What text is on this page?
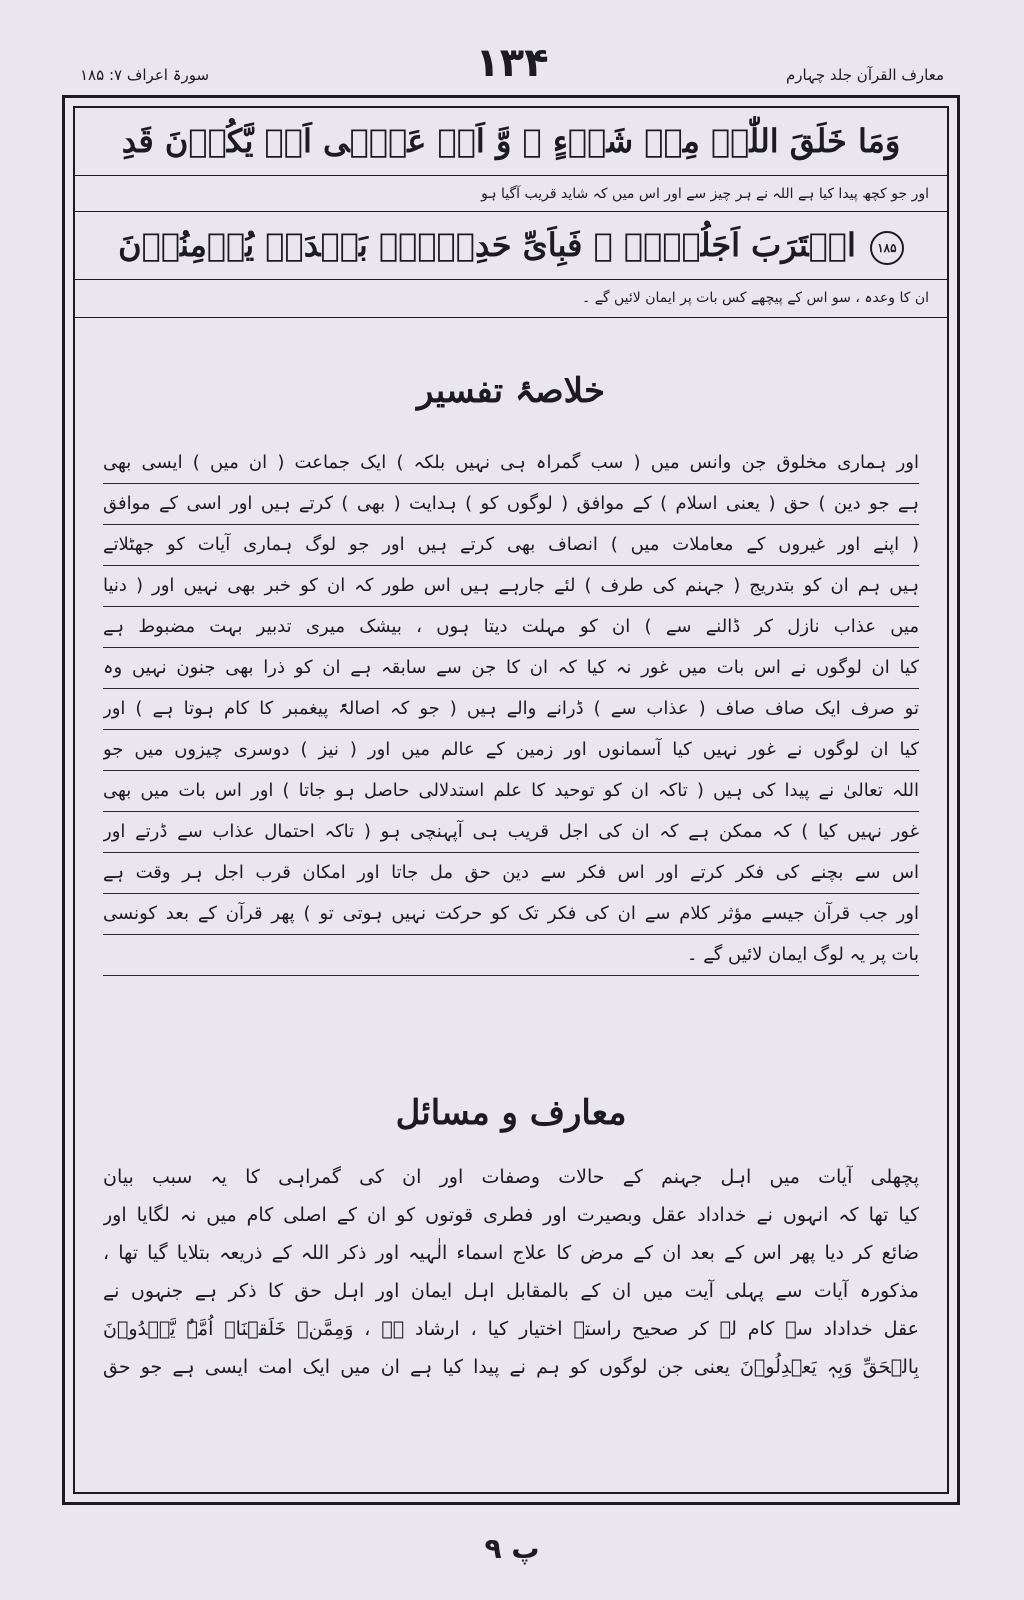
سورۃ اعراف ۷: ۱۸۵	۱۳۴	معارف القرآن جلد چہارم
وَمَا خَلَقَ اللّٰہُ مِنۡ شَیۡءٍ ۙ وَّ اَنۡ عَسٰۤی اَنۡ یَّکُوۡنَ قَدِ
اور جو کچھ پیدا کیا ہے اللہ نے ہر چیز سے اور اس میں کہ شاید قریب آگیا ہو
۱۸۵اقۡتَرَبَ اَجَلُہُمۡ ۚ فَبِاَیِّ حَدِیۡثٍۭ بَعۡدَہٗ یُؤۡمِنُوۡنَ
ان کا وعدہ ، سو اس کے پیچھے کس بات پر ایمان لائیں گے ۔
خلاصۂ تفسیر

اور ہماری مخلوق جن وانس میں ( سب گمراہ ہی نہیں بلکہ ) ایک جماعت ( ان میں ) ایسی بھی

ہے جو دین ) حق ( یعنی اسلام ) کے موافق ( لوگوں کو ) ہدایت ( بھی ) کرتے ہیں اور اسی کے موافق

( اپنے اور غیروں کے معاملات میں ) انصاف بھی کرتے ہیں اور جو لوگ ہماری آیات کو جھٹلاتے

ہیں ہم ان کو بتدریج ( جہنم کی طرف ) لئے جارہے ہیں اس طور کہ ان کو خبر بھی نہیں اور ( دنیا

میں عذاب نازل کر ڈالنے سے ) ان کو مہلت دیتا ہوں ، بیشک میری تدبیر بہت مضبوط ہے

کیا ان لوگوں نے اس بات میں غور نہ کیا کہ ان کا جن سے سابقہ ہے ان کو ذرا بھی جنون نہیں وہ

تو صرف ایک صاف صاف ( عذاب سے ) ڈرانے والے ہیں ( جو کہ اصالۃً پیغمبر کا کام ہوتا ہے ) اور

کیا ان لوگوں نے غور نہیں کیا آسمانوں اور زمین کے عالم میں اور ( نیز ) دوسری چیزوں میں جو

اللہ تعالیٰ نے پیدا کی ہیں ( تاکہ ان کو توحید کا علم استدلالی حاصل ہو جاتا ) اور اس بات میں بھی

غور نہیں کیا ) کہ ممکن ہے کہ ان کی اجل قریب ہی آپہنچی ہو ( تاکہ احتمال عذاب سے ڈرتے اور

اس سے بچنے کی فکر کرتے اور اس فکر سے دین حق مل جاتا اور امکان قرب اجل ہر وقت ہے

اور جب قرآن جیسے مؤثر کلام سے ان کی فکر تک کو حرکت نہیں ہوتی تو ) پھر قرآن کے بعد کونسی

بات پر یہ لوگ ایمان لائیں گے ۔

معارف و مسائل

پچھلی آیات میں اہل جہنم کے حالات وصفات اور ان کی گمراہی کا یہ سبب بیان

کیا تھا کہ انہوں نے خداداد عقل وبصیرت اور فطری قوتوں کو ان کے اصلی کام میں نہ لگایا اور

ضائع کر دیا پھر اس کے بعد ان کے مرض کا علاج اسماء الٰہیہ اور ذکر اللہ کے ذریعہ بتلایا گیا تھا ،

مذکورہ آیات سے پہلی آیت میں ان کے بالمقابل اہل ایمان اور اہل حق کا ذکر ہے جنہوں نے

عقل خداداد سے کام لے کر صحیح راستہ اختیار کیا ، ارشاد ہے ، وَمِمَّنۡ خَلَقۡنَاۤ اُمَّۃٌ یَّہۡدُوۡنَ

بِالۡحَقِّ وَبِہٖ یَعۡدِلُوۡنَ یعنی جن لوگوں کو ہم نے پیدا کیا ہے ان میں ایک امت ایسی ہے جو حق

پ ۹
